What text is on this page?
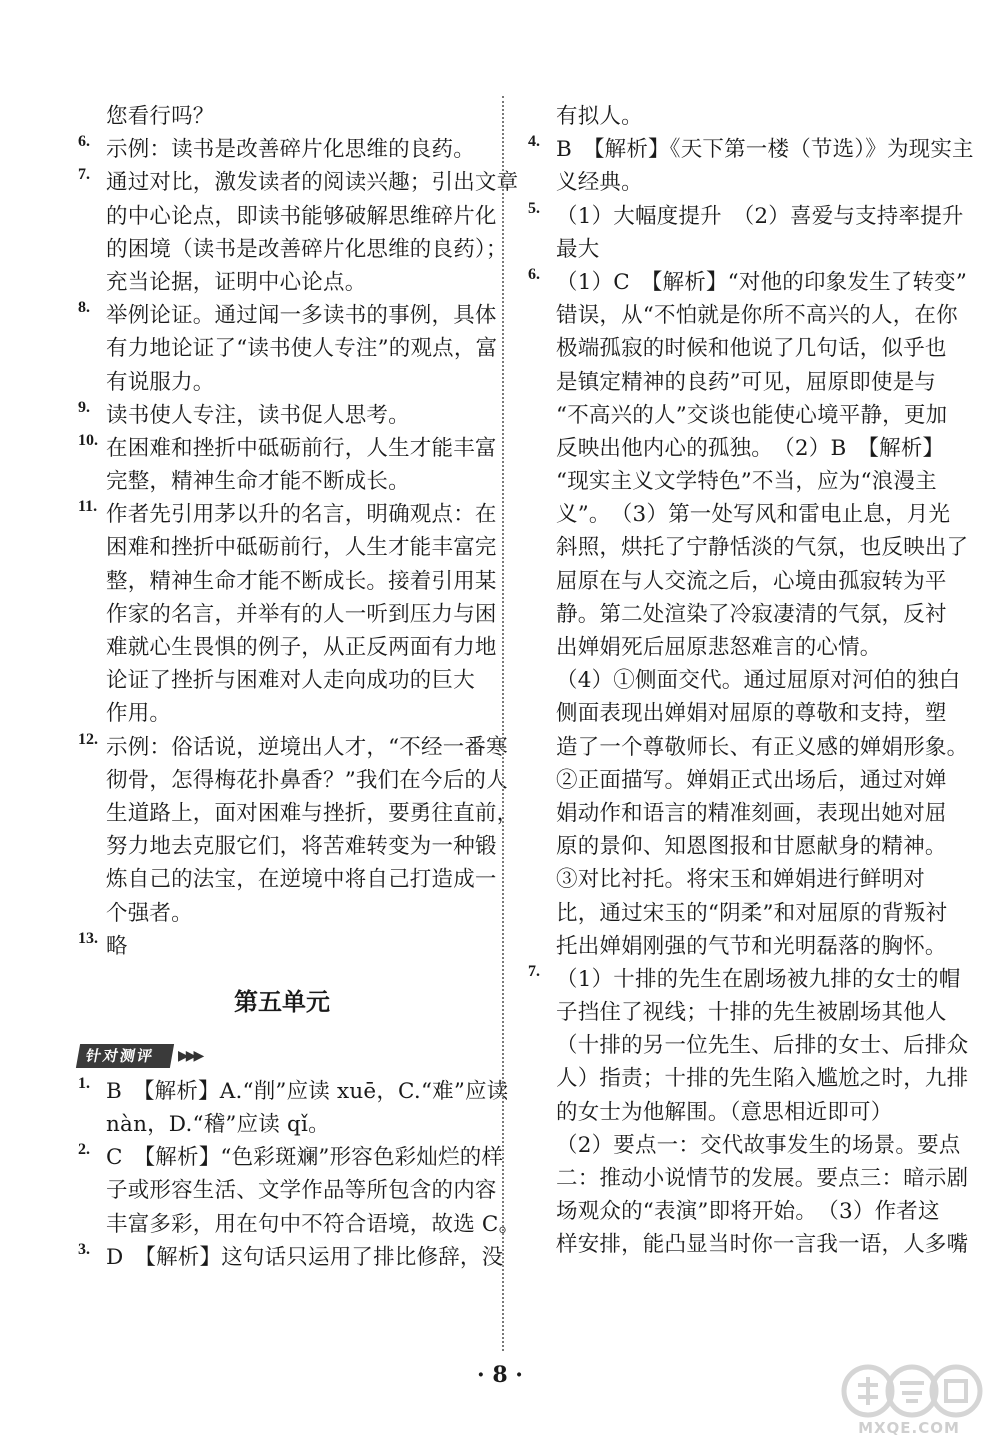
您看行吗？
6. 示例：读书是改善碎片化思维的良药。
7. 通过对比，激发读者的阅读兴趣；引出文章
的中心论点，即读书能够破解思维碎片化
的困境（读书是改善碎片化思维的良药）；
充当论据，证明中心论点。
8. 举例论证。通过闻一多读书的事例，具体
有力地论证了“读书使人专注”的观点，富
有说服力。
9. 读书使人专注，读书促人思考。
10. 在困难和挫折中砥砺前行，人生才能丰富
完整，精神生命才能不断成长。
11. 作者先引用茅以升的名言，明确观点：在
困难和挫折中砥砺前行，人生才能丰富完
整，精神生命才能不断成长。接着引用某
作家的名言，并举有的人一听到压力与困
难就心生畏惧的例子，从正反两面有力地
论证了挫折与困难对人走向成功的巨大
作用。
12. 示例：俗话说，逆境出人才，“不经一番寒
彻骨，怎得梅花扑鼻香？”我们在今后的人
生道路上，面对困难与挫折，要勇往直前，
努力地去克服它们，将苦难转变为一种锻
炼自己的法宝，在逆境中将自己打造成一
个强者。
13. 略
第五单元
针对测评	▶▶▶
1. B　【解析】A.“削”应读 xuē，C.“难”应读
nàn，D.“稽”应读 qǐ。
2. C　【解析】“色彩斑斓”形容色彩灿烂的样
子或形容生活、文学作品等所包含的内容
丰富多彩，用在句中不符合语境，故选 C。
3. D　【解析】这句话只运用了排比修辞，没
有拟人。
4. B　【解析】《天下第一楼（节选）》为现实主
义经典。
5. （1）大幅度提升　（2）喜爱与支持率提升
最大
6. （1）C　【解析】“对他的印象发生了转变”
错误，从“不怕就是你所不高兴的人，在你
极端孤寂的时候和他说了几句话，似乎也
是镇定精神的良药”可见，屈原即使是与
“不高兴的人”交谈也能使心境平静，更加
反映出他内心的孤独。　（2）B　【解析】
“现实主义文学特色”不当，应为“浪漫主
义”。　（3）第一处写风和雷电止息，月光
斜照，烘托了宁静恬淡的气氛，也反映出了
屈原在与人交流之后，心境由孤寂转为平
静。第二处渲染了冷寂凄清的气氛，反衬
出婵娟死后屈原悲怒难言的心情。
（4）①侧面交代。通过屈原对河伯的独白
侧面表现出婵娟对屈原的尊敬和支持，塑
造了一个尊敬师长、有正义感的婵娟形象。
②正面描写。婵娟正式出场后，通过对婵
娟动作和语言的精准刻画，表现出她对屈
原的景仰、知恩图报和甘愿献身的精神。
③对比衬托。将宋玉和婵娟进行鲜明对
比，通过宋玉的“阴柔”和对屈原的背叛衬
托出婵娟刚强的气节和光明磊落的胸怀。
7. （1）十排的先生在剧场被九排的女士的帽
子挡住了视线；十排的先生被剧场其他人
（十排的另一位先生、后排的女士、后排众
人）指责；十排的先生陷入尴尬之时，九排
的女士为他解围。（意思相近即可）
（2）要点一：交代故事发生的场景。要点
二：推动小说情节的发展。要点三：暗示剧
场观众的“表演”即将开始。　（3）作者这
样安排，能凸显当时你一言我一语，人多嘴
· 8 ·
MXQE.COM
